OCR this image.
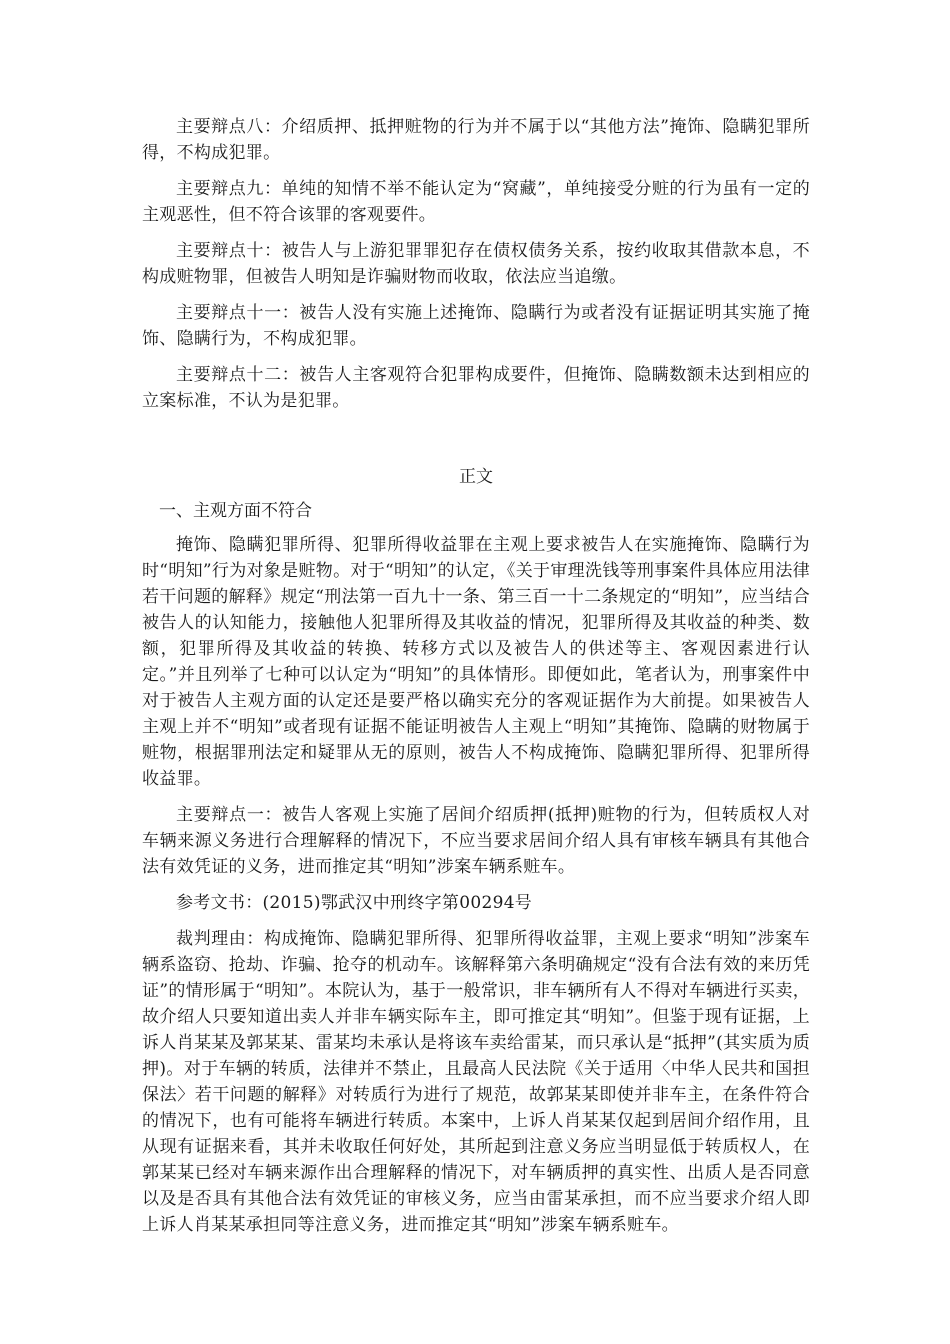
主要辩点八：介绍质押、抵押赃物的行为并不属于以“其他方法”掩饰、隐瞒犯罪所得，不构成犯罪。

主要辩点九：单纯的知情不举不能认定为“窝藏”，单纯接受分赃的行为虽有一定的主观恶性，但不符合该罪的客观要件。

主要辩点十：被告人与上游犯罪罪犯存在债权债务关系，按约收取其借款本息，不构成赃物罪，但被告人明知是诈骗财物而收取，依法应当追缴。

主要辩点十一：被告人没有实施上述掩饰、隐瞒行为或者没有证据证明其实施了掩饰、隐瞒行为，不构成犯罪。

主要辩点十二：被告人主客观符合犯罪构成要件，但掩饰、隐瞒数额未达到相应的立案标准，不认为是犯罪。

正文

一、主观方面不符合

掩饰、隐瞒犯罪所得、犯罪所得收益罪在主观上要求被告人在实施掩饰、隐瞒行为时“明知”行为对象是赃物。对于“明知”的认定，《关于审理洗钱等刑事案件具体应用法律若干问题的解释》规定“刑法第一百九十一条、第三百一十二条规定的“明知”，应当结合被告人的认知能力，接触他人犯罪所得及其收益的情况，犯罪所得及其收益的种类、数额，犯罪所得及其收益的转换、转移方式以及被告人的供述等主、客观因素进行认定。”并且列举了七种可以认定为“明知”的具体情形。即便如此，笔者认为，刑事案件中对于被告人主观方面的认定还是要严格以确实充分的客观证据作为大前提。如果被告人主观上并不“明知”或者现有证据不能证明被告人主观上“明知”其掩饰、隐瞒的财物属于赃物，根据罪刑法定和疑罪从无的原则，被告人不构成掩饰、隐瞒犯罪所得、犯罪所得收益罪。

主要辩点一：被告人客观上实施了居间介绍质押(抵押)赃物的行为，但转质权人对车辆来源义务进行合理解释的情况下，不应当要求居间介绍人具有审核车辆具有其他合法有效凭证的义务，进而推定其“明知”涉案车辆系赃车。

参考文书：(2015)鄂武汉中刑终字第00294号

裁判理由：构成掩饰、隐瞒犯罪所得、犯罪所得收益罪，主观上要求“明知”涉案车辆系盗窃、抢劫、诈骗、抢夺的机动车。该解释第六条明确规定“没有合法有效的来历凭证”的情形属于“明知”。本院认为，基于一般常识，非车辆所有人不得对车辆进行买卖，故介绍人只要知道出卖人并非车辆实际车主，即可推定其“明知”。但鉴于现有证据，上诉人肖某某及郭某某、雷某均未承认是将该车卖给雷某，而只承认是“抵押”(其实质为质押)。对于车辆的转质，法律并不禁止，且最高人民法院《关于适用〈中华人民共和国担保法〉若干问题的解释》对转质行为进行了规范，故郭某某即使并非车主，在条件符合的情况下，也有可能将车辆进行转质。本案中，上诉人肖某某仅起到居间介绍作用，且从现有证据来看，其并未收取任何好处，其所起到注意义务应当明显低于转质权人，在郭某某已经对车辆来源作出合理解释的情况下，对车辆质押的真实性、出质人是否同意以及是否具有其他合法有效凭证的审核义务，应当由雷某承担，而不应当要求介绍人即上诉人肖某某承担同等注意义务，进而推定其“明知”涉案车辆系赃车。
